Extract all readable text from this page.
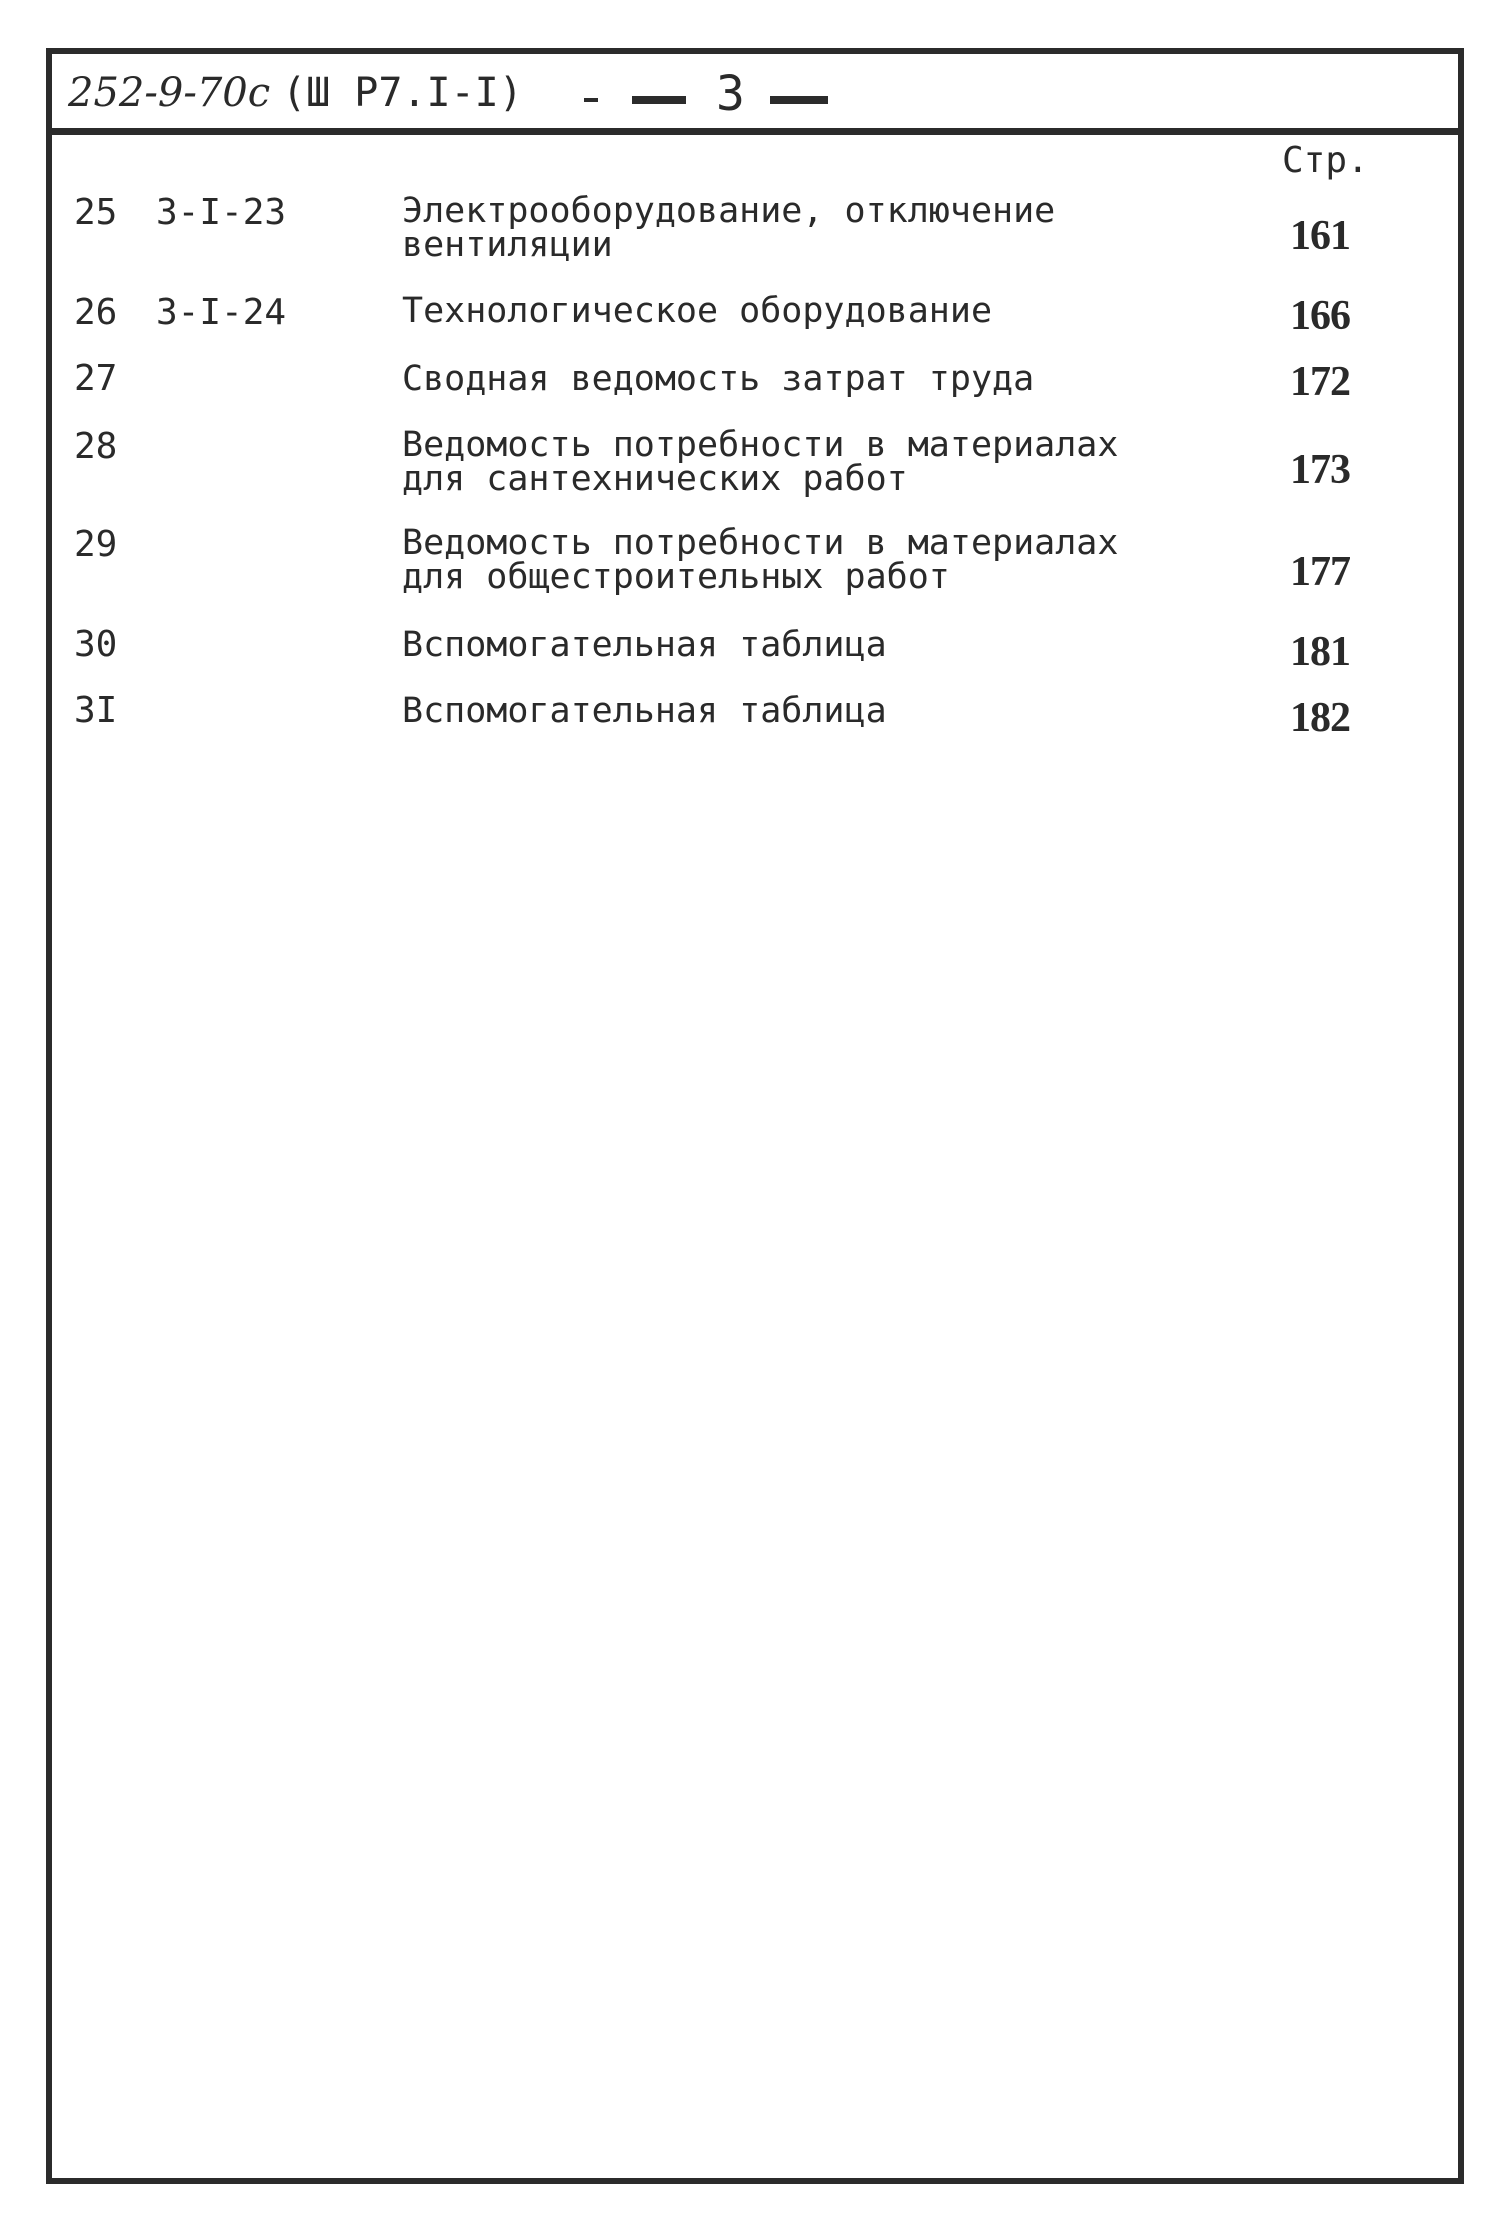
252-9-70с (Ш Р7.I-I)	3
Стр.
25 3-I-23	Электрооборудование, отключение
вентиляции	161
26 3-I-24	Технологическое оборудование	166
27	Сводная ведомость затрат труда	172
28	Ведомость потребности в материалах
для сантехнических работ	173
29	Ведомость потребности в материалах
для общестроительных работ	177
30	Вспомогательная таблица	181
3I	Вспомогательная таблица	182
